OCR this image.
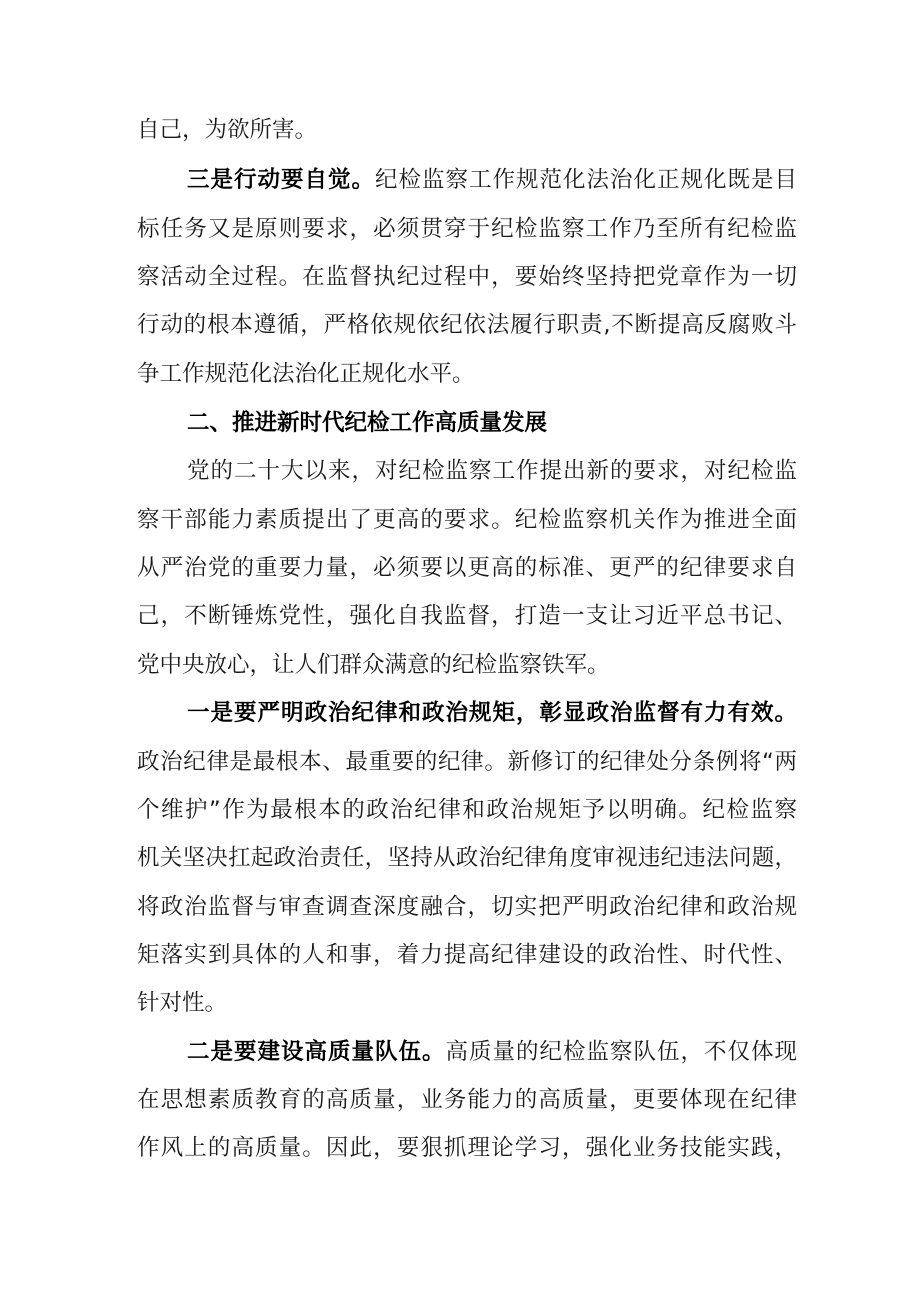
自己，为欲所害。
三是行动要自觉。纪检监察工作规范化法治化正规化既是目
标任务又是原则要求，必须贯穿于纪检监察工作乃至所有纪检监
察活动全过程。在监督执纪过程中，要始终坚持把党章作为一切
行动的根本遵循，严格依规依纪依法履行职责,不断提高反腐败斗
争工作规范化法治化正规化水平。
二、推进新时代纪检工作高质量发展
党的二十大以来，对纪检监察工作提出新的要求，对纪检监
察干部能力素质提出了更高的要求。纪检监察机关作为推进全面
从严治党的重要力量，必须要以更高的标准、更严的纪律要求自
己，不断锤炼党性，强化自我监督，打造一支让习近平总书记、
党中央放心，让人们群众满意的纪检监察铁军。
一是要严明政治纪律和政治规矩，彰显政治监督有力有效。
政治纪律是最根本、最重要的纪律。新修订的纪律处分条例将“两
个维护”作为最根本的政治纪律和政治规矩予以明确。纪检监察
机关坚决扛起政治责任，坚持从政治纪律角度审视违纪违法问题，
将政治监督与审查调查深度融合，切实把严明政治纪律和政治规
矩落实到具体的人和事，着力提高纪律建设的政治性、时代性、
针对性。
二是要建设高质量队伍。高质量的纪检监察队伍，不仅体现
在思想素质教育的高质量，业务能力的高质量，更要体现在纪律
作风上的高质量。因此，要狠抓理论学习，强化业务技能实践，
